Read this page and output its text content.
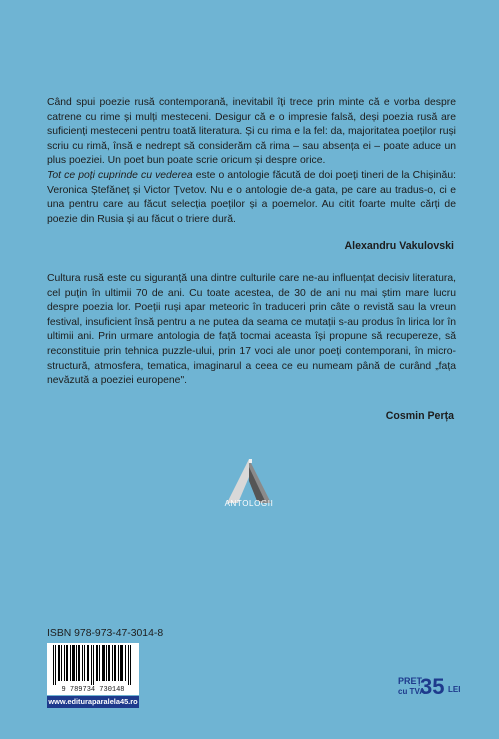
Când spui poezie rusă contemporană, inevitabil îți trece prin minte că e vorba despre catrene cu rime și mulți mesteceni. Desigur că e o impresie falsă, deși poezia rusă are suficienți mesteceni pentru toată literatura. Și cu rima e la fel: da, majoritatea poeților ruși scriu cu rimă, însă e nedrept să considerăm că rima – sau absența ei – poate aduce un plus poeziei. Un poet bun poate scrie oricum și despre orice.

Tot ce poți cuprinde cu vederea este o antologie făcută de doi poeți tineri de la Chișinău: Veronica Ștefăneț și Victor Țvetov. Nu e o antologie de-a gata, pe care au tradus-o, ci e una pentru care au făcut selecția poeților și a poemelor. Au citit foarte multe cărți de poezie din Rusia și au făcut o triere dură.

Alexandru Vakulovski

Cultura rusă este cu siguranță una dintre culturile care ne-au influențat decisiv literatura, cel puțin în ultimii 70 de ani. Cu toate acestea, de 30 de ani nu mai știm mare lucru despre poezia lor. Poeții ruși apar meteoric în traduceri prin câte o revistă sau la vreun festival, insuficient însă pentru a ne putea da seama ce mutații s-au produs în lirica lor în ultimii ani. Prin urmare antologia de față tocmai aceasta își propune să recupereze, să reconstituie prin tehnica puzzle-ului, prin 17 voci ale unor poeți contemporani, în micro-structură, atmosfera, tematica, imaginarul a ceea ce eu numeam până de curând „fața nevăzută a poeziei europene".

Cosmin Perța
ANTOLOGII
ISBN 978-973-47-3014-8
9 789734 730148
www.edituraparalela45.ro
PREȚ
cu TVA
35 LEI
